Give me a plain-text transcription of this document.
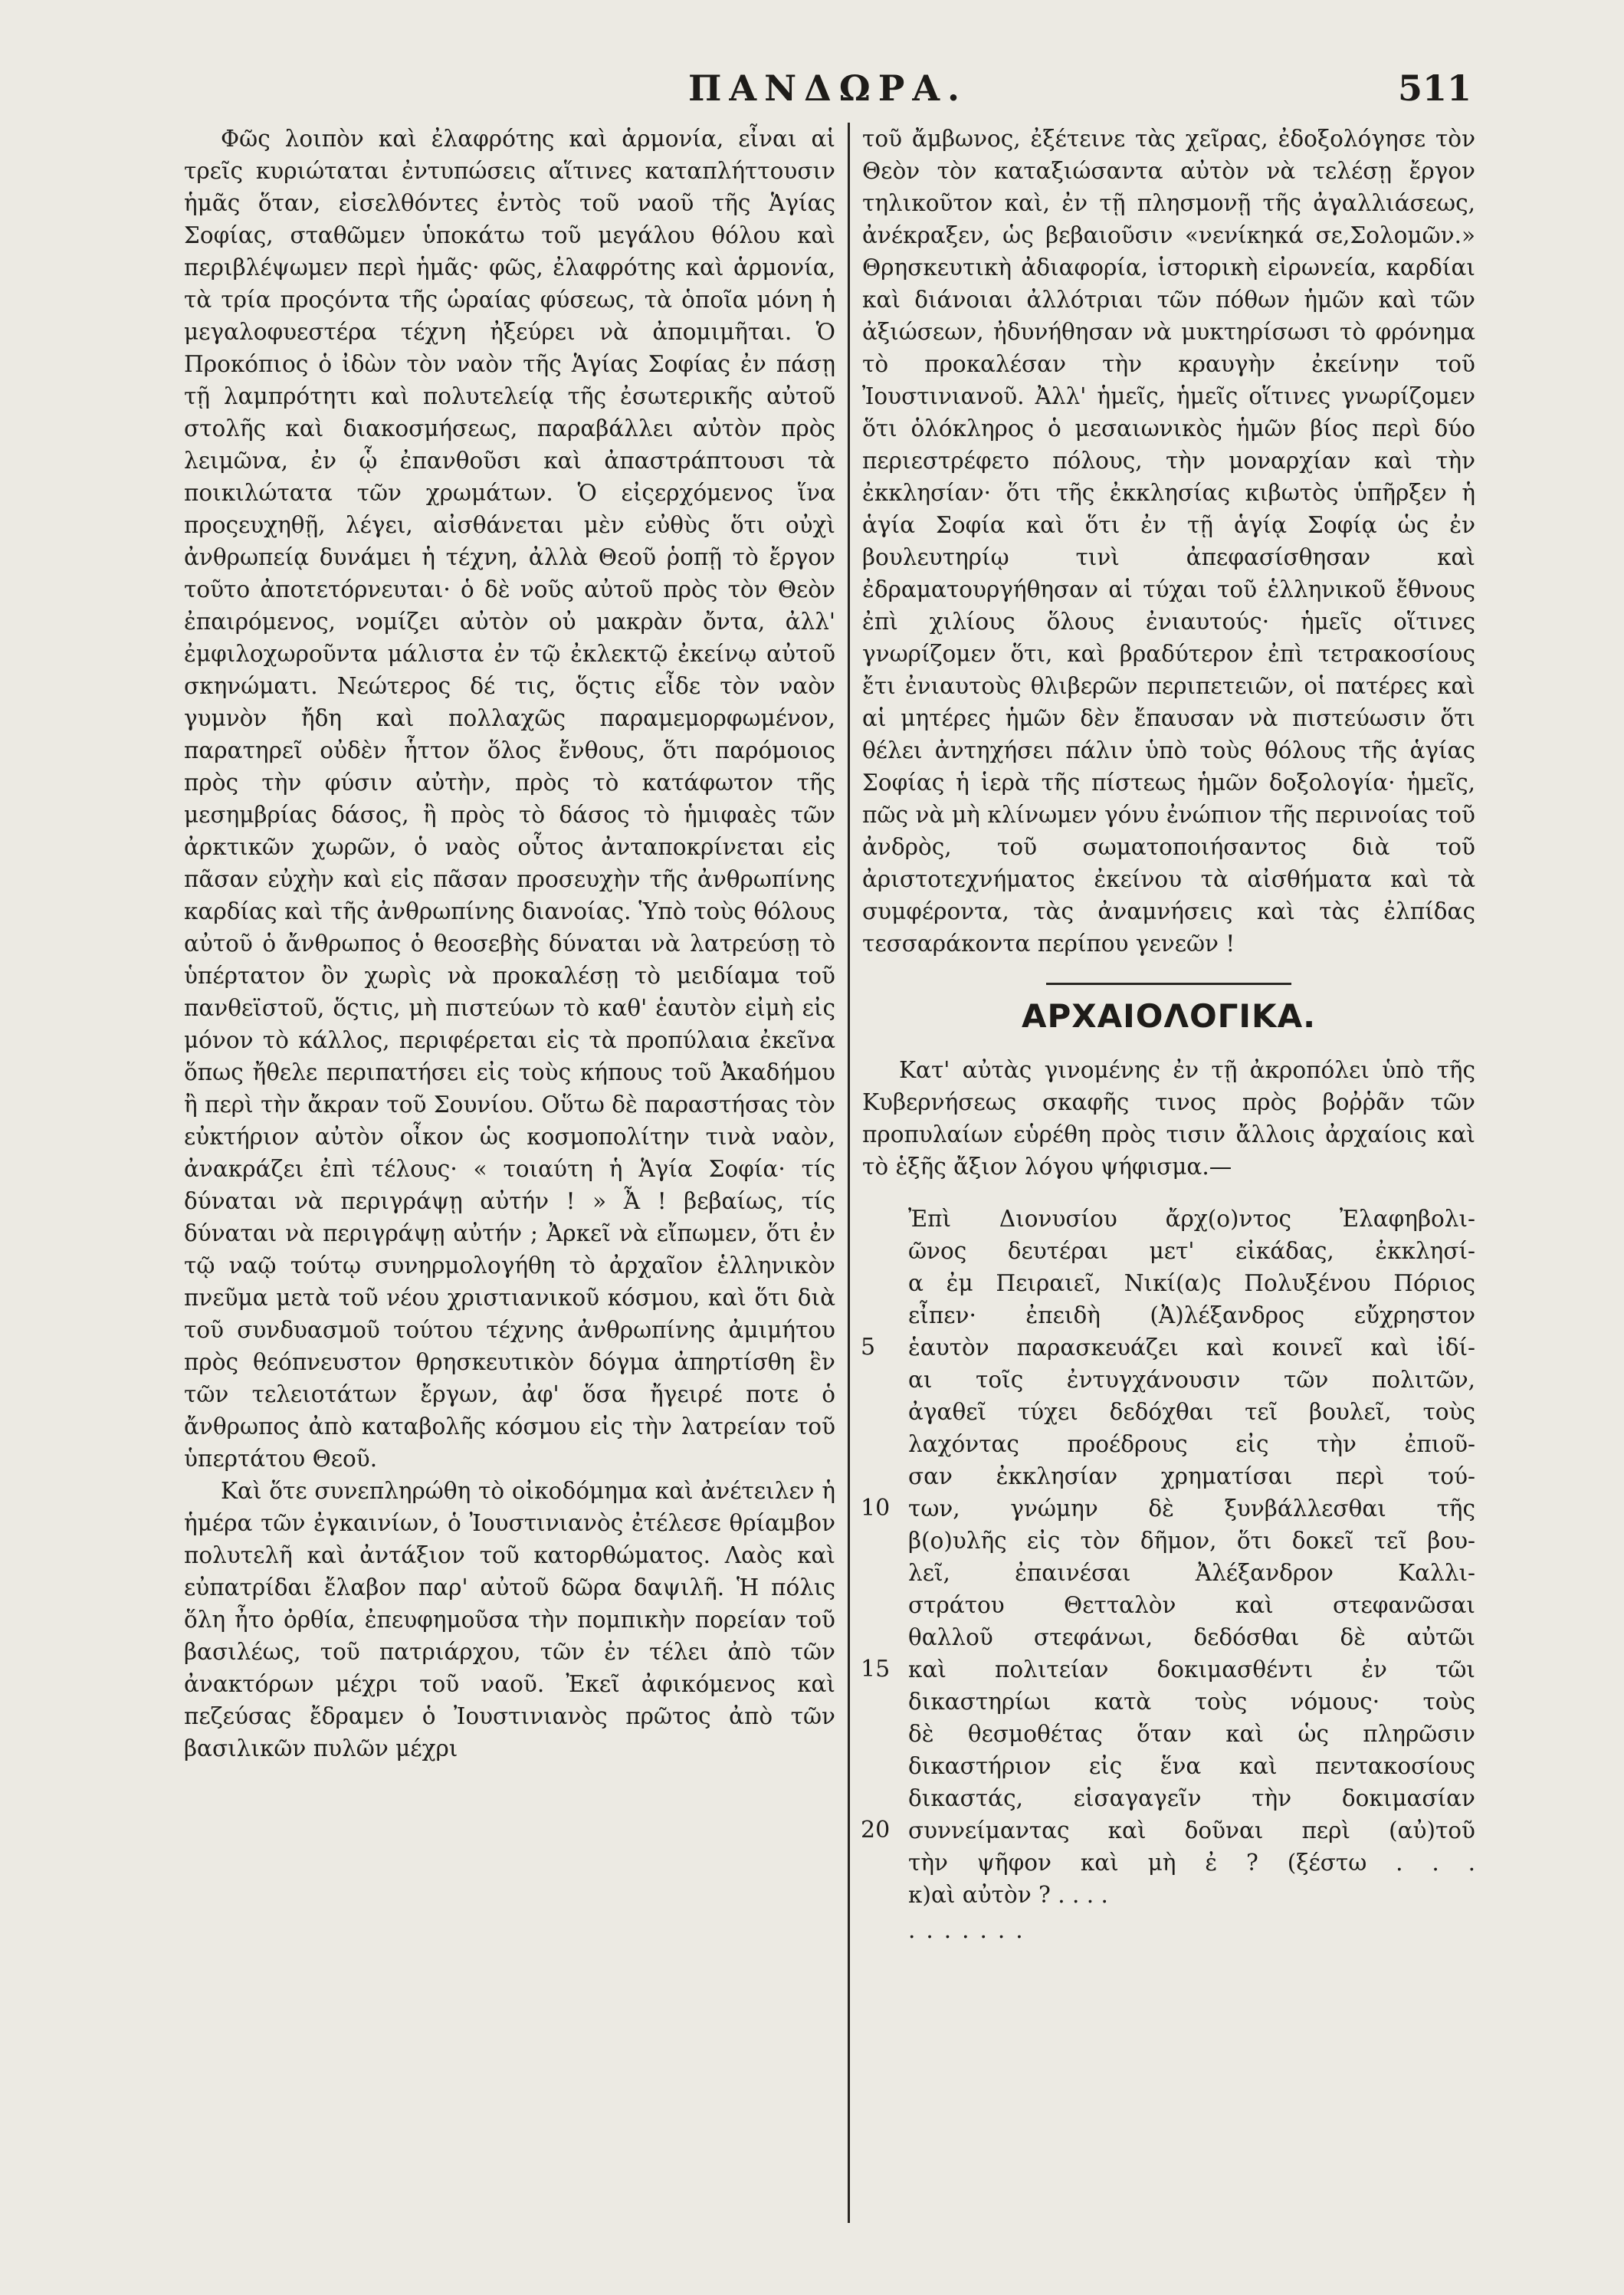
ΠΑΝΔΩΡΑ.	511

Φῶς λοιπὸν καὶ ἐλαφρότης καὶ ἁρμονία, εἶναι αἱ τρεῖς κυριώταται ἐντυπώσεις αἵτινες καταπλήττουσιν ἡμᾶς ὅταν, εἰσελθόντες ἐντὸς τοῦ ναοῦ τῆς Ἁγίας Σοφίας, σταθῶμεν ὑποκάτω τοῦ μεγάλου θόλου καὶ περιβλέψωμεν περὶ ἡμᾶς· φῶς, ἐλαφρότης καὶ ἁρμονία, τὰ τρία προςόντα τῆς ὡραίας φύσεως, τὰ ὁποῖα μόνη ἡ μεγαλοφυεστέρα τέχνη ἠξεύρει νὰ ἀπομιμῆται. Ὁ Προκόπιος ὁ ἰδὼν τὸν ναὸν τῆς Ἁγίας Σοφίας ἐν πάσῃ τῇ λαμπρότητι καὶ πολυτελείᾳ τῆς ἐσωτερικῆς αὐτοῦ στολῆς καὶ διακοσμήσεως, παραβάλλει αὐτὸν πρὸς λειμῶνα, ἐν ᾧ ἐπανθοῦσι καὶ ἀπαστράπτουσι τὰ ποικιλώτατα τῶν χρωμάτων. Ὁ εἰςερχόμενος ἵνα προςευχηθῇ, λέγει, αἰσθάνεται μὲν εὐθὺς ὅτι οὐχὶ ἀνθρωπείᾳ δυνάμει ἡ τέχνη, ἀλλὰ Θεοῦ ῥοπῇ τὸ ἔργον τοῦτο ἀποτετόρνευται· ὁ δὲ νοῦς αὐτοῦ πρὸς τὸν Θεὸν ἐπαιρόμενος, νομίζει αὐτὸν οὐ μακρὰν ὄντα, ἀλλ' ἐμφιλοχωροῦντα μάλιστα ἐν τῷ ἐκλεκτῷ ἐκείνῳ αὐτοῦ σκηνώματι. Νεώτερος δέ τις, ὅςτις εἶδε τὸν ναὸν γυμνὸν ἤδη καὶ πολλαχῶς παραμεμορφωμένον, παρατηρεῖ οὐδὲν ἧττον ὅλος ἔνθους, ὅτι παρόμοιος πρὸς τὴν φύσιν αὐτὴν, πρὸς τὸ κατάφωτον τῆς μεσημβρίας δάσος, ἢ πρὸς τὸ δάσος τὸ ἡμιφαὲς τῶν ἀρκτικῶν χωρῶν, ὁ ναὸς οὗτος ἀνταποκρίνεται εἰς πᾶσαν εὐχὴν καὶ εἰς πᾶσαν προσευχὴν τῆς ἀνθρωπίνης καρδίας καὶ τῆς ἀνθρωπίνης διανοίας. Ὑπὸ τοὺς θόλους αὐτοῦ ὁ ἄνθρωπος ὁ θεοσεβὴς δύναται νὰ λατρεύσῃ τὸ ὑπέρτατον ὂν χωρὶς νὰ προκαλέσῃ τὸ μειδίαμα τοῦ πανθεϊστοῦ, ὅςτις, μὴ πιστεύων τὸ καθ' ἑαυτὸν εἰμὴ εἰς μόνον τὸ κάλλος, περιφέρεται εἰς τὰ προπύλαια ἐκεῖνα ὅπως ἤθελε περιπατήσει εἰς τοὺς κήπους τοῦ Ἀκαδήμου ἢ περὶ τὴν ἄκραν τοῦ Σουνίου. Οὕτω δὲ παραστήσας τὸν εὐκτήριον αὐτὸν οἶκον ὡς κοσμοπολίτην τινὰ ναὸν, ἀνακράζει ἐπὶ τέλους· « τοιαύτη ἡ Ἁγία Σοφία· τίς δύναται νὰ περιγράψῃ αὐτήν ! » Ἆ ! βεβαίως, τίς δύναται νὰ περιγράψῃ αὐτήν ; Ἀρκεῖ νὰ εἴπωμεν, ὅτι ἐν τῷ ναῷ τούτῳ συνηρμολογήθη τὸ ἀρχαῖον ἑλληνικὸν πνεῦμα μετὰ τοῦ νέου χριστιανικοῦ κόσμου, καὶ ὅτι διὰ τοῦ συνδυασμοῦ τούτου τέχνης ἀνθρωπίνης ἀμιμήτου πρὸς θεόπνευστον θρησκευτικὸν δόγμα ἀπηρτίσθη ἓν τῶν τελειοτάτων ἔργων, ἀφ' ὅσα ἤγειρέ ποτε ὁ ἄνθρωπος ἀπὸ καταβολῆς κόσμου εἰς τὴν λατρείαν τοῦ ὑπερτάτου Θεοῦ.

Καὶ ὅτε συνεπληρώθη τὸ οἰκοδόμημα καὶ ἀνέτειλεν ἡ ἡμέρα τῶν ἐγκαινίων, ὁ Ἰουστινιανὸς ἐτέλεσε θρίαμβον πολυτελῆ καὶ ἀντάξιον τοῦ κατορθώματος. Λαὸς καὶ εὐπατρίδαι ἔλαβον παρ' αὐτοῦ δῶρα δαψιλῆ. Ἡ πόλις ὅλη ἦτο ὀρθία, ἐπευφημοῦσα τὴν πομπικὴν πορείαν τοῦ βασιλέως, τοῦ πατριάρχου, τῶν ἐν τέλει ἀπὸ τῶν ἀνακτόρων μέχρι τοῦ ναοῦ. Ἐκεῖ ἀφικόμενος καὶ πεζεύσας ἔδραμεν ὁ Ἰουστινιανὸς πρῶτος ἀπὸ τῶν βασιλικῶν πυλῶν μέχρι

τοῦ ἄμβωνος, ἐξέτεινε τὰς χεῖρας, ἐδοξολόγησε τὸν Θεὸν τὸν καταξιώσαντα αὐτὸν νὰ τελέσῃ ἔργον τηλικοῦτον καὶ, ἐν τῇ πλησμονῇ τῆς ἀγαλλιάσεως, ἀνέκραξεν, ὡς βεβαιοῦσιν «νενίκηκά σε,Σολομῶν.» Θρησκευτικὴ ἀδιαφορία, ἱστορικὴ εἰρωνεία, καρδίαι καὶ διάνοιαι ἀλλότριαι τῶν πόθων ἡμῶν καὶ τῶν ἀξιώσεων, ἠδυνήθησαν νὰ μυκτηρίσωσι τὸ φρόνημα τὸ προκαλέσαν τὴν κραυγὴν ἐκείνην τοῦ Ἰουστινιανοῦ. Ἀλλ' ἡμεῖς, ἡμεῖς οἵτινες γνωρίζομεν ὅτι ὁλόκληρος ὁ μεσαιωνικὸς ἡμῶν βίος περὶ δύο περιεστρέφετο πόλους, τὴν μοναρχίαν καὶ τὴν ἐκκλησίαν· ὅτι τῆς ἐκκλησίας κιβωτὸς ὑπῆρξεν ἡ ἁγία Σοφία καὶ ὅτι ἐν τῇ ἁγίᾳ Σοφίᾳ ὡς ἐν βουλευτηρίῳ τινὶ ἀπεφασίσθησαν καὶ ἐδραματουργήθησαν αἱ τύχαι τοῦ ἑλληνικοῦ ἔθνους ἐπὶ χιλίους ὅλους ἐνιαυτούς· ἡμεῖς οἵτινες γνωρίζομεν ὅτι, καὶ βραδύτερον ἐπὶ τετρακοσίους ἔτι ἐνιαυτοὺς θλιβερῶν περιπετειῶν, οἱ πατέρες καὶ αἱ μητέρες ἡμῶν δὲν ἔπαυσαν νὰ πιστεύωσιν ὅτι θέλει ἀντηχήσει πάλιν ὑπὸ τοὺς θόλους τῆς ἁγίας Σοφίας ἡ ἱερὰ τῆς πίστεως ἡμῶν δοξολογία· ἡμεῖς, πῶς νὰ μὴ κλίνωμεν γόνυ ἐνώπιον τῆς περινοίας τοῦ ἀνδρὸς, τοῦ σωματοποιήσαντος διὰ τοῦ ἀριστοτεχνήματος ἐκείνου τὰ αἰσθήματα καὶ τὰ συμφέροντα, τὰς ἀναμνήσεις καὶ τὰς ἐλπίδας τεσσαράκοντα περίπου γενεῶν !

ΑΡΧΑΙΟΛΟΓΙΚΑ.

Κατ' αὐτὰς γινομένης ἐν τῇ ἀκροπόλει ὑπὸ τῆς Κυβερνήσεως σκαφῆς τινος πρὸς βοῤῥᾶν τῶν προπυλαίων εὑρέθη πρὸς τισιν ἄλλοις ἀρχαίοις καὶ τὸ ἑξῆς ἄξιον λόγου ψήφισμα.—

Ἐπὶ Διονυσίου ἄρχ(ο)ντος Ἐλαφηβολι-
ῶνος δευτέραι μετ' εἰκάδας, ἐκκλησί-
α ἐμ Πειραιεῖ, Νικί(α)ς Πολυξένου Πόριος
εἶπεν· ἐπειδὴ (Ἀ)λέξανδρος εὔχρηστον
5	ἑαυτὸν παρασκευάζει καὶ κοινεῖ καὶ ἰδί-
αι τοῖς ἐντυγχάνουσιν τῶν πολιτῶν,
ἀγαθεῖ τύχει δεδόχθαι τεῖ βουλεῖ, τοὺς
λαχόντας προέδρους εἰς τὴν ἐπιοῦ-
σαν ἐκκλησίαν χρηματίσαι περὶ τού-
10 των, γνώμην δὲ ξυνβάλλεσθαι τῆς
β(ο)υλῆς εἰς τὸν δῆμον, ὅτι δοκεῖ τεῖ βου-
λεῖ, ἐπαινέσαι Ἀλέξανδρον Καλλι-
στράτου Θετταλὸν καὶ στεφανῶσαι
θαλλοῦ στεφάνωι, δεδόσθαι δὲ αὐτῶι
15 καὶ πολιτείαν δοκιμασθέντι ἐν τῶι
δικαστηρίωι κατὰ τοὺς νόμους· τοὺς
δὲ θεσμοθέτας ὅταν καὶ ὡς πληρῶσιν
δικαστήριον εἰς ἕνα καὶ πεντακοσίους
δικαστάς, εἰσαγαγεῖν τὴν δοκιμασίαν
20 συννείμαντας καὶ δοῦναι περὶ (αὐ)τοῦ
τὴν ψῆφον καὶ μὴ ἐ ? (ξέστω . . .
κ)αὶ αὐτὸν ? . . . .
.......
